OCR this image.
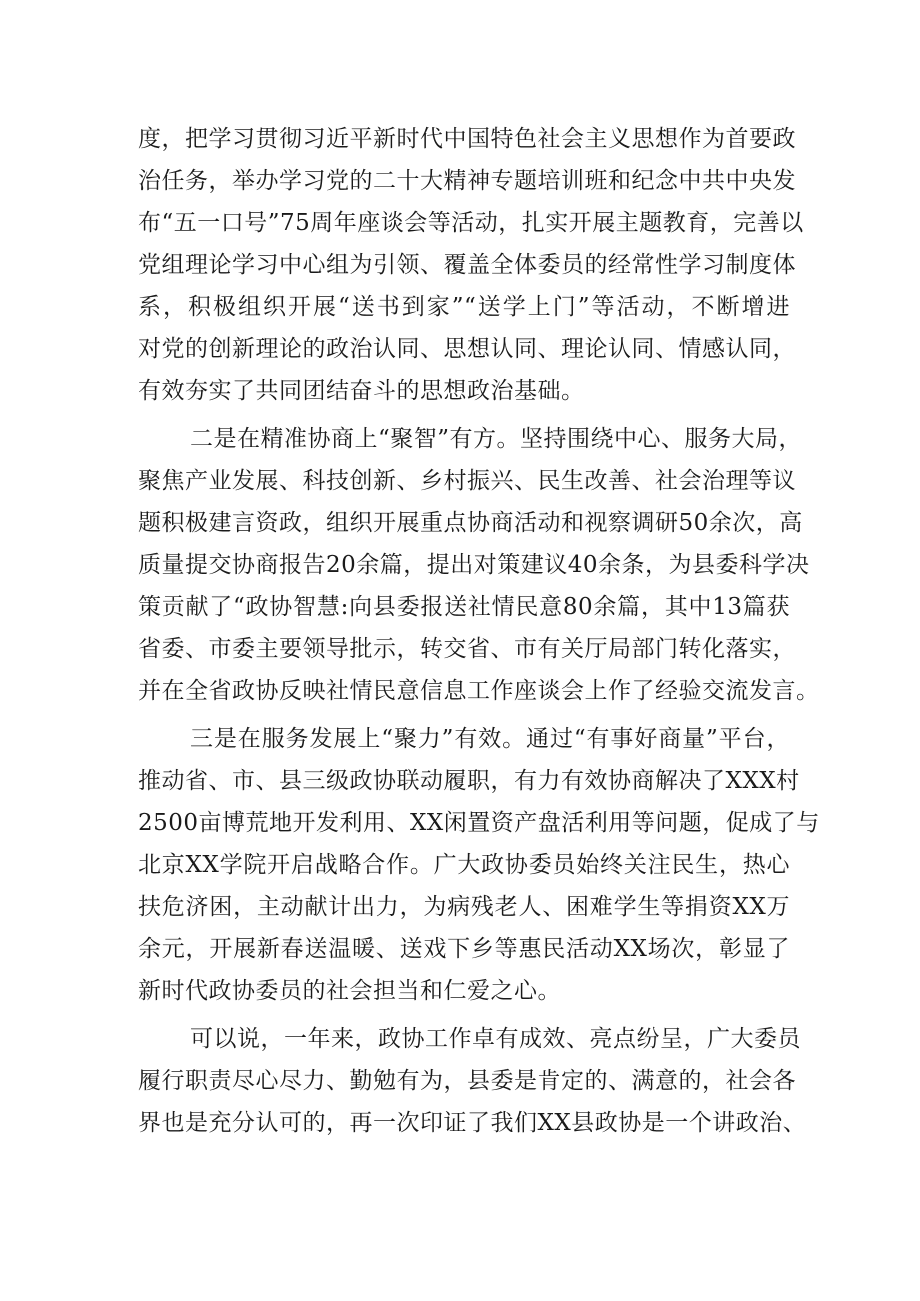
度，把学习贯彻习近平新时代中国特色社会主义思想作为首要政
治任务，举办学习党的二十大精神专题培训班和纪念中共中央发
布“五一口号”75周年座谈会等活动，扎实开展主题教育，完善以
党组理论学习中心组为引领、覆盖全体委员的经常性学习制度体
系，积极组织开展“送书到家”“送学上门”等活动，不断增进
对党的创新理论的政治认同、思想认同、理论认同、情感认同，
有效夯实了共同团结奋斗的思想政治基础。
二是在精准协商上“聚智”有方。坚持围绕中心、服务大局，
聚焦产业发展、科技创新、乡村振兴、民生改善、社会治理等议
题积极建言资政，组织开展重点协商活动和视察调研50余次，高
质量提交协商报告20余篇，提出对策建议40余条，为县委科学决
策贡献了“政协智慧:向县委报送社情民意80余篇，其中13篇获
省委、市委主要领导批示，转交省、市有关厅局部门转化落实，
并在全省政协反映社情民意信息工作座谈会上作了经验交流发言。
三是在服务发展上“聚力”有效。通过“有事好商量”平台，
推动省、市、县三级政协联动履职，有力有效协商解决了XXX村
2500亩博荒地开发利用、XX闲置资产盘活利用等问题，促成了与
北京XX学院开启战略合作。广大政协委员始终关注民生，热心
扶危济困，主动献计出力，为病残老人、困难学生等捐资XX万
余元，开展新春送温暖、送戏下乡等惠民活动XX场次，彰显了
新时代政协委员的社会担当和仁爱之心。
可以说，一年来，政协工作卓有成效、亮点纷呈，广大委员
履行职责尽心尽力、勤勉有为，县委是肯定的、满意的，社会各
界也是充分认可的，再一次印证了我们XX县政协是一个讲政治、
